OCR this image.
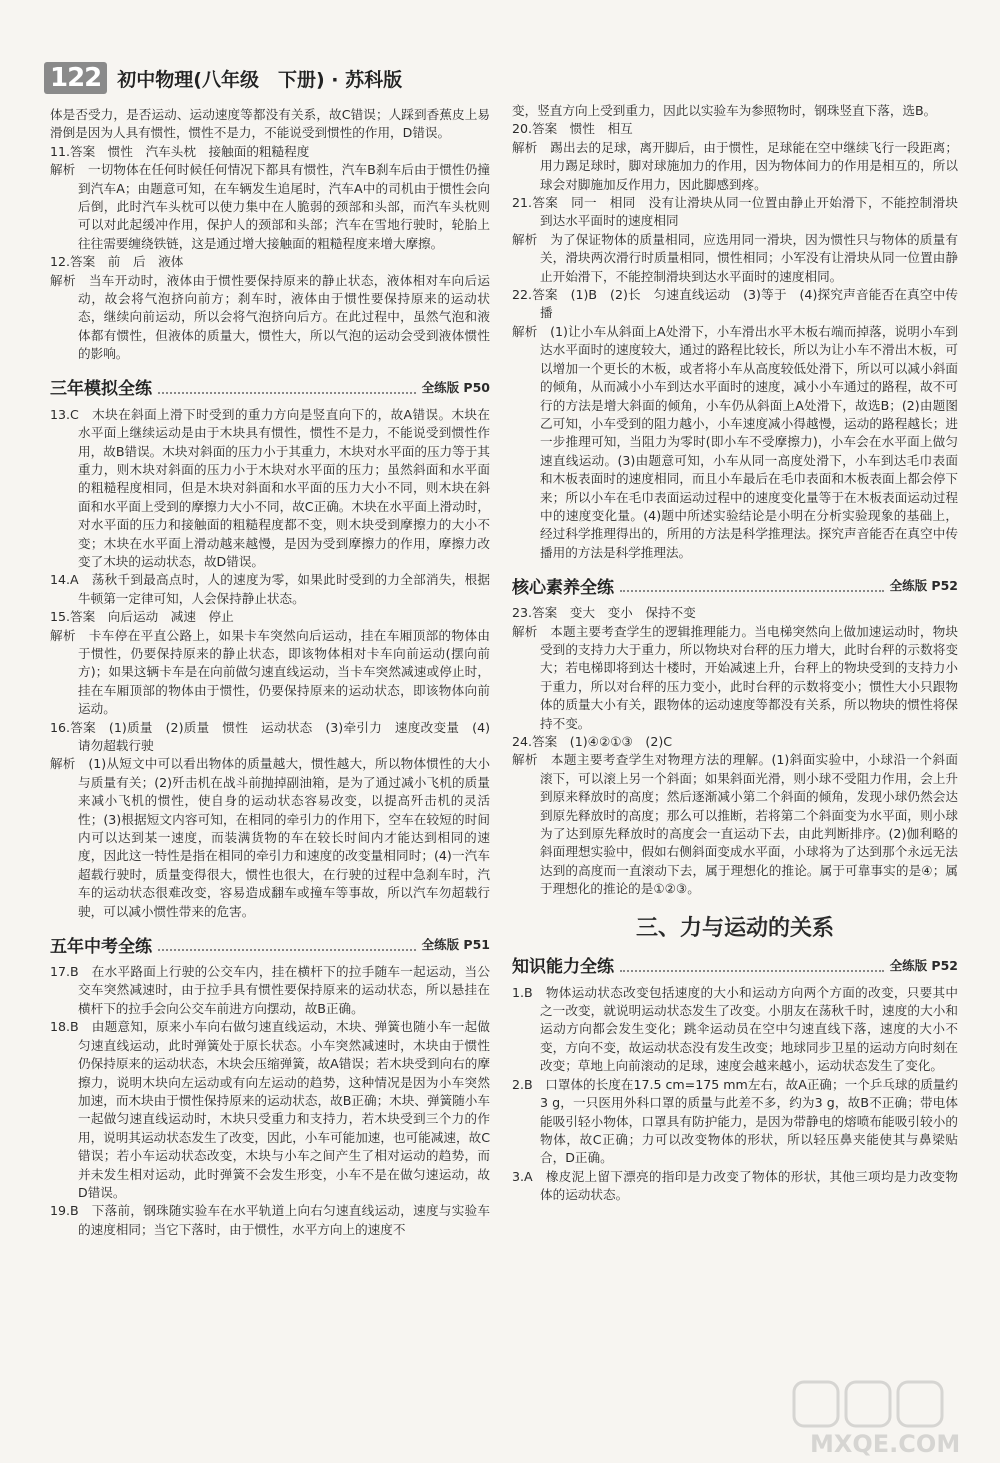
122 初中物理(八年级　下册) · 苏科版

体是否受力，是否运动、运动速度等都没有关系，故C错误；人踩到香蕉皮上易滑倒是因为人具有惯性，惯性不是力，不能说受到惯性的作用，D错误。

11.答案　惯性　汽车头枕　接触面的粗糙程度

解析　一切物体在任何时候任何情况下都具有惯性，汽车B刹车后由于惯性仍撞到汽车A；由题意可知，在车辆发生追尾时，汽车A中的司机由于惯性会向后倒，此时汽车头枕可以使力集中在人脆弱的颈部和头部，而汽车头枕则可以对此起缓冲作用，保护人的颈部和头部；汽车在雪地行驶时，轮胎上往往需要缠绕铁链，这是通过增大接触面的粗糙程度来增大摩擦。

12.答案　前　后　液体

解析　当车开动时，液体由于惯性要保持原来的静止状态，液体相对车向后运动，故会将气泡挤向前方；刹车时，液体由于惯性要保持原来的运动状态，继续向前运动，所以会将气泡挤向后方。在此过程中，虽然气泡和液体都有惯性，但液体的质量大，惯性大，所以气泡的运动会受到液体惯性的影响。

三年模拟全练	全练版 P50

13.C　木块在斜面上滑下时受到的重力方向是竖直向下的，故A错误。木块在水平面上继续运动是由于木块具有惯性，惯性不是力，不能说受到惯性作用，故B错误。木块对斜面的压力小于其重力，木块对水平面的压力等于其重力，则木块对斜面的压力小于木块对水平面的压力；虽然斜面和水平面的粗糙程度相同，但是木块对斜面和水平面的压力大小不同，则木块在斜面和水平面上受到的摩擦力大小不同，故C正确。木块在水平面上滑动时，对水平面的压力和接触面的粗糙程度都不变，则木块受到摩擦力的大小不变；木块在水平面上滑动越来越慢，是因为受到摩擦力的作用，摩擦力改变了木块的运动状态，故D错误。

14.A　荡秋千到最高点时，人的速度为零，如果此时受到的力全部消失，根据牛顿第一定律可知，人会保持静止状态。

15.答案　向后运动　减速　停止

解析　卡车停在平直公路上，如果卡车突然向后运动，挂在车厢顶部的物体由于惯性，仍要保持原来的静止状态，即该物体相对卡车向前运动(摆向前方)；如果这辆卡车是在向前做匀速直线运动，当卡车突然减速或停止时，挂在车厢顶部的物体由于惯性，仍要保持原来的运动状态，即该物体向前运动。

16.答案　(1)质量　(2)质量　惯性　运动状态　(3)牵引力　速度改变量　(4)请勿超载行驶

解析　(1)从短文中可以看出物体的质量越大，惯性越大，所以物体惯性的大小与质量有关；(2)歼击机在战斗前抛掉副油箱，是为了通过减小飞机的质量来减小飞机的惯性，使自身的运动状态容易改变，以提高歼击机的灵活性；(3)根据短文内容可知，在相同的牵引力的作用下，空车在较短的时间内可以达到某一速度，而装满货物的车在较长时间内才能达到相同的速度，因此这一特性是指在相同的牵引力和速度的改变量相同时；(4)一汽车超载行驶时，质量变得很大，惯性也很大，在行驶的过程中急刹车时，汽车的运动状态很难改变，容易造成翻车或撞车等事故，所以汽车勿超载行驶，可以减小惯性带来的危害。

五年中考全练	全练版 P51

17.B　在水平路面上行驶的公交车内，挂在横杆下的拉手随车一起运动，当公交车突然减速时，由于拉手具有惯性要保持原来的运动状态，所以悬挂在横杆下的拉手会向公交车前进方向摆动，故B正确。

18.B　由题意知，原来小车向右做匀速直线运动，木块、弹簧也随小车一起做匀速直线运动，此时弹簧处于原长状态。小车突然减速时，木块由于惯性仍保持原来的运动状态，木块会压缩弹簧，故A错误；若木块受到向右的摩擦力，说明木块向左运动或有向左运动的趋势，这种情况是因为小车突然加速，而木块由于惯性保持原来的运动状态，故B正确；木块、弹簧随小车一起做匀速直线运动时，木块只受重力和支持力，若木块受到三个力的作用，说明其运动状态发生了改变，因此，小车可能加速，也可能减速，故C错误；若小车运动状态改变，木块与小车之间产生了相对运动的趋势，而并未发生相对运动，此时弹簧不会发生形变，小车不是在做匀速运动，故D错误。

19.B　下落前，钢珠随实验车在水平轨道上向右匀速直线运动，速度与实验车的速度相同；当它下落时，由于惯性，水平方向上的速度不

变，竖直方向上受到重力，因此以实验车为参照物时，钢珠竖直下落，选B。

20.答案　惯性　相互

解析　踢出去的足球，离开脚后，由于惯性，足球能在空中继续飞行一段距离；用力踢足球时，脚对球施加力的作用，因为物体间力的作用是相互的，所以球会对脚施加反作用力，因此脚感到疼。

21.答案　同一　相同　没有让滑块从同一位置由静止开始滑下，不能控制滑块到达水平面时的速度相同

解析　为了保证物体的质量相同，应选用同一滑块，因为惯性只与物体的质量有关，滑块两次滑行时质量相同，惯性相同；小军没有让滑块从同一位置由静止开始滑下，不能控制滑块到达水平面时的速度相同。

22.答案　(1)B　(2)长　匀速直线运动　(3)等于　(4)探究声音能否在真空中传播

解析　(1)让小车从斜面上A处滑下，小车滑出水平木板右端而掉落，说明小车到达水平面时的速度较大，通过的路程比较长，所以为让小车不滑出木板，可以增加一个更长的木板，或者将小车从高度较低处滑下，所以可以减小斜面的倾角，从而减小小车到达水平面时的速度，减小小车通过的路程，故不可行的方法是增大斜面的倾角，小车仍从斜面上A处滑下，故选B；(2)由题图乙可知，小车受到的阻力越小，小车速度减小得越慢，运动的路程越长；进一步推理可知，当阻力为零时(即小车不受摩擦力)，小车会在水平面上做匀速直线运动。(3)由题意可知，小车从同一高度处滑下，小车到达毛巾表面和木板表面时的速度相同，而且小车最后在毛巾表面和木板表面上都会停下来；所以小车在毛巾表面运动过程中的速度变化量等于在木板表面运动过程中的速度变化量。(4)题中所述实验结论是小明在分析实验现象的基础上，经过科学推理得出的，所用的方法是科学推理法。探究声音能否在真空中传播用的方法是科学推理法。

核心素养全练	全练版 P52

23.答案　变大　变小　保持不变

解析　本题主要考查学生的逻辑推理能力。当电梯突然向上做加速运动时，物块受到的支持力大于重力，所以物块对台秤的压力增大，此时台秤的示数将变大；若电梯即将到达十楼时，开始减速上升，台秤上的物块受到的支持力小于重力，所以对台秤的压力变小，此时台秤的示数将变小；惯性大小只跟物体的质量大小有关，跟物体的运动速度等都没有关系，所以物块的惯性将保持不变。

24.答案　(1)④②①③　(2)C

解析　本题主要考查学生对物理方法的理解。(1)斜面实验中，小球沿一个斜面滚下，可以滚上另一个斜面；如果斜面光滑，则小球不受阻力作用，会上升到原来释放时的高度；然后逐渐减小第二个斜面的倾角，发现小球仍然会达到原先释放时的高度；那么可以推断，若将第二个斜面变为水平面，则小球为了达到原先释放时的高度会一直运动下去，由此判断排序。(2)伽利略的斜面理想实验中，假如右侧斜面变成水平面，小球将为了达到那个永远无法达到的高度而一直滚动下去，属于理想化的推论。属于可靠事实的是④；属于理想化的推论的是①②③。

三、力与运动的关系
知识能力全练	全练版 P52

1.B　物体运动状态改变包括速度的大小和运动方向两个方面的改变，只要其中之一改变，就说明运动状态发生了改变。小朋友在荡秋千时，速度的大小和运动方向都会发生变化；跳伞运动员在空中匀速直线下落，速度的大小不变，方向不变，故运动状态没有发生改变；地球同步卫星的运动方向时刻在改变；草地上向前滚动的足球，速度会越来越小，运动状态发生了变化。

2.B　口罩体的长度在17.5 cm=175 mm左右，故A正确；一个乒乓球的质量约3 g，一只医用外科口罩的质量与此差不多，约为3 g，故B不正确；带电体能吸引轻小物体，口罩具有防护能力，是因为带静电的熔喷布能吸引较小的物体，故C正确；力可以改变物体的形状，所以轻压鼻夹能使其与鼻梁贴合，D正确。

3.A　橡皮泥上留下漂亮的指印是力改变了物体的形状，其他三项均是力改变物体的运动状态。

MXQE.COM
